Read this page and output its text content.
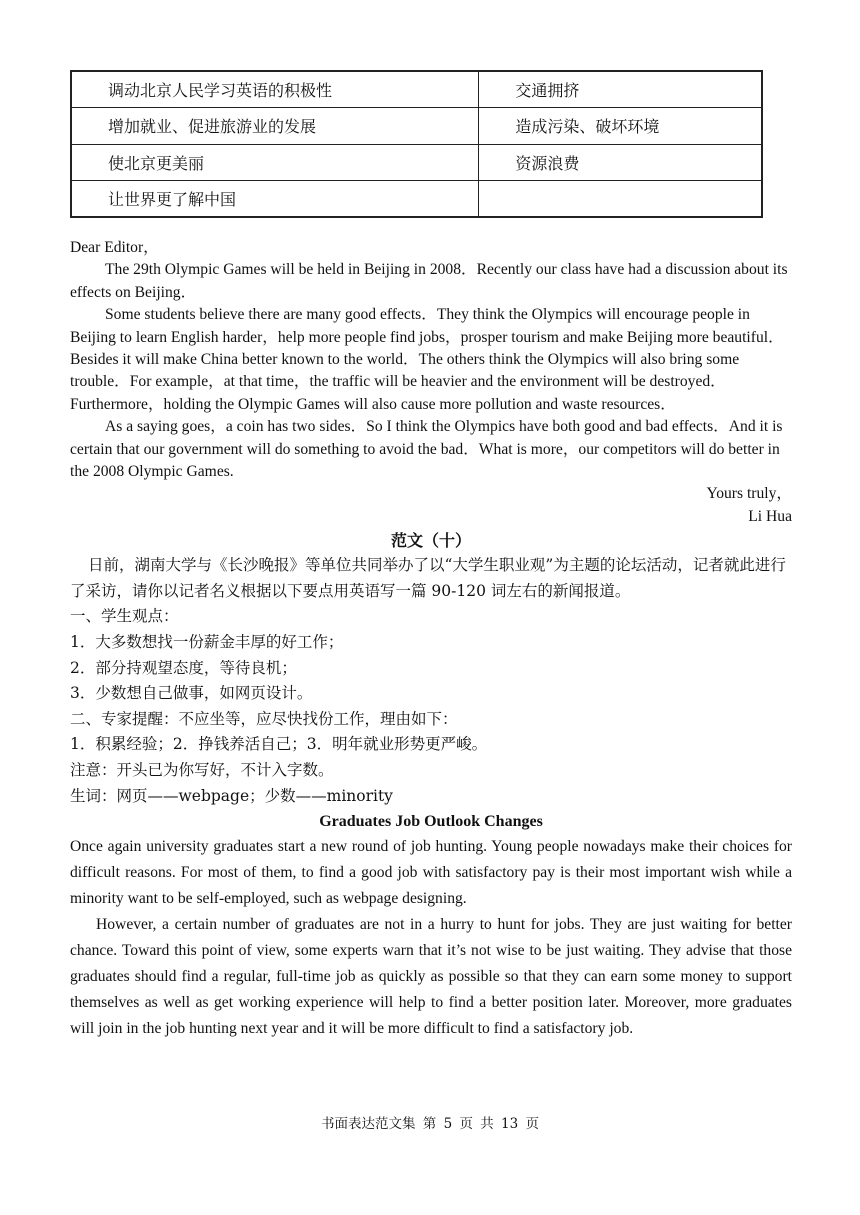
调动北京人民学习英语的积极性	交通拥挤
增加就业、促进旅游业的发展	造成污染、破坏环境
使北京更美丽	资源浪费
让世界更了解中国	

Dear Editor，

The 29th Olympic Games will be held in Beijing in 2008．Recently our class have had a discussion about its effects on Beijing．

Some students believe there are many good effects．They think the Olympics will encourage people in Beijing to learn English harder，help more people find jobs，prosper tourism and make Beijing more beautiful． Besides it will make China better known to the world．The others think the Olympics will also bring some trouble．For example，at that time，the traffic will be heavier and the environment will be destroyed．Furthermore，holding the Olympic Games will also cause more pollution and waste resources．

As a saying goes，a coin has two sides．So I think the Olympics have both good and bad effects．And it is certain that our government will do something to avoid the bad．What is more，our competitors will do better in the 2008 Olympic Games.

Yours truly，

Li Hua

范文（十）

日前，湖南大学与《长沙晚报》等单位共同举办了以“大学生职业观”为主题的论坛活动，记者就此进行了采访，请你以记者名义根据以下要点用英语写一篇 90-120 词左右的新闻报道。

一、学生观点：

1．大多数想找一份薪金丰厚的好工作；

2．部分持观望态度，等待良机；

3．少数想自己做事，如网页设计。

二、专家提醒：不应坐等，应尽快找份工作，理由如下：

1．积累经验；2．挣钱养活自己；3．明年就业形势更严峻。

注意：开头已为你写好，不计入字数。

生词：网页——webpage；少数——minority

Graduates Job Outlook Changes

Once again university graduates start a new round of job hunting. Young people nowadays make their choices for difficult reasons. For most of them, to find a good job with satisfactory pay is their most important wish while a minority want to be self-employed, such as webpage designing.

However, a certain number of graduates are not in a hurry to hunt for jobs. They are just waiting for better chance. Toward this point of view, some experts warn that it’s not wise to be just waiting. They advise that those graduates should find a regular, full-time job as quickly as possible so that they can earn some money to support themselves as well as get working experience will help to find a better position later. Moreover, more graduates will join in the job hunting next year and it will be more difficult to find a satisfactory job.

书面表达范文集 第 5 页 共 13 页
